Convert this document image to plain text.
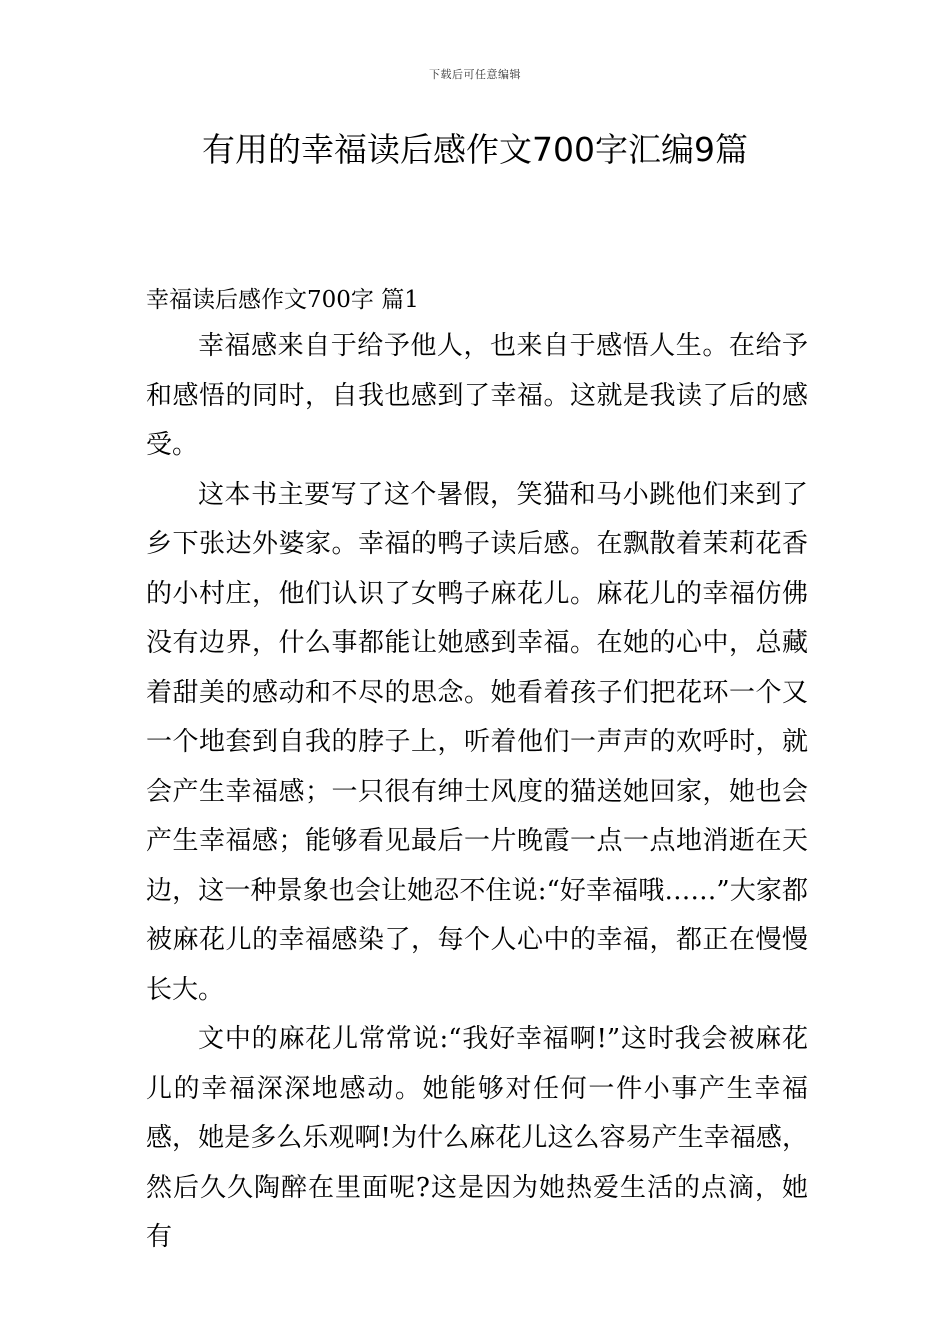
下载后可任意编辑
有用的幸福读后感作文700字汇编9篇
幸福读后感作文700字 篇1

幸福感来自于给予他人，也来自于感悟人生。在给予和感悟的同时，自我也感到了幸福。这就是我读了后的感受。

这本书主要写了这个暑假，笑猫和马小跳他们来到了乡下张达外婆家。幸福的鸭子读后感。在飘散着茉莉花香的小村庄，他们认识了女鸭子麻花儿。麻花儿的幸福仿佛没有边界，什么事都能让她感到幸福。在她的心中，总藏着甜美的感动和不尽的思念。她看着孩子们把花环一个又一个地套到自我的脖子上，听着他们一声声的欢呼时，就会产生幸福感；一只很有绅士风度的猫送她回家，她也会产生幸福感；能够看见最后一片晚霞一点一点地消逝在天边，这一种景象也会让她忍不住说:“好幸福哦……”大家都被麻花儿的幸福感染了，每个人心中的幸福，都正在慢慢长大。

文中的麻花儿常常说:“我好幸福啊!”这时我会被麻花儿的幸福深深地感动。她能够对任何一件小事产生幸福感，她是多么乐观啊!为什么麻花儿这么容易产生幸福感，然后久久陶醉在里面呢?这是因为她热爱生活的点滴，她有
